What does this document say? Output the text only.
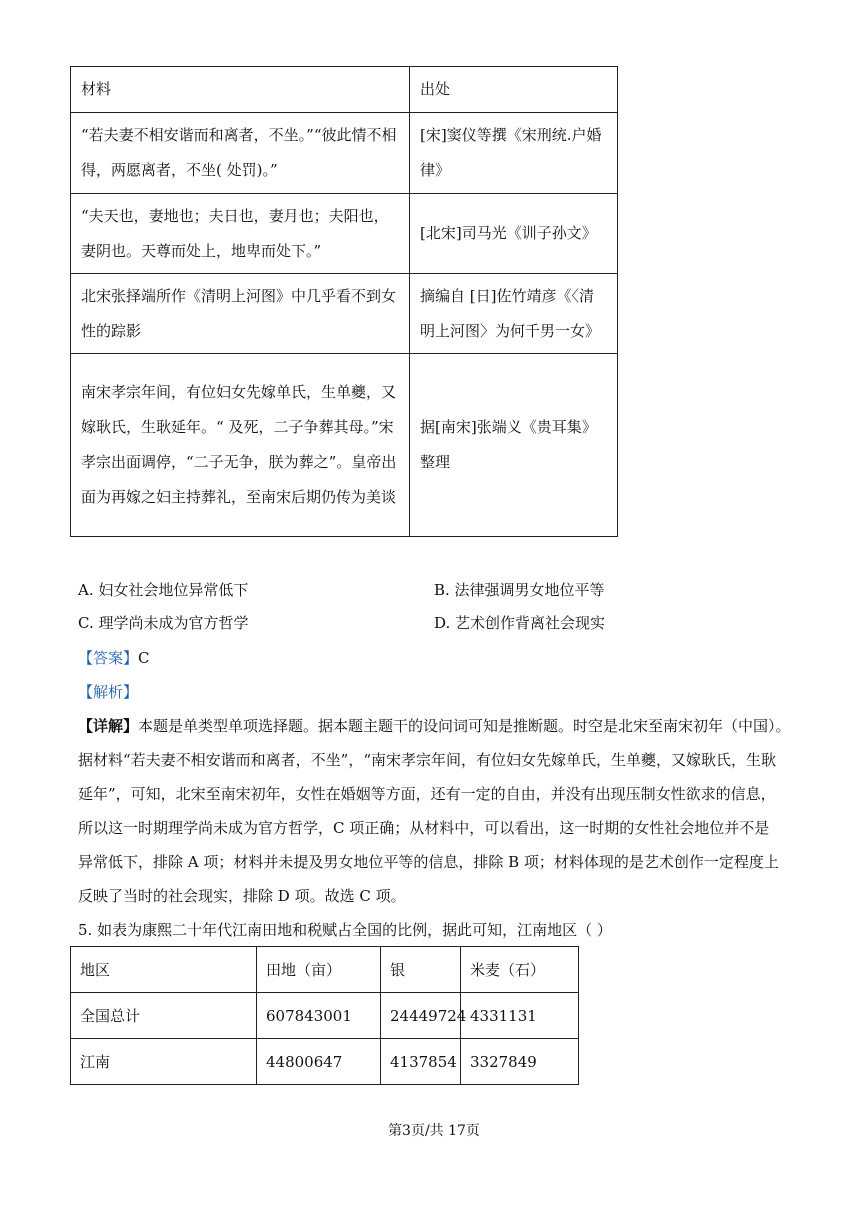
材料	出处
“若夫妻不相安谐而和离者，不坐。”“彼此情不相得，两愿离者，不坐( 处罚)。”	[宋]窦仪等撰《宋刑统.户婚律》
“夫天也，妻地也；夫日也，妻月也；夫阳也，妻阴也。天尊而处上，地卑而处下。”	[北宋]司马光《训子孙文》
北宋张择端所作《清明上河图》中几乎看不到女性的踪影	摘编自 [日]佐竹靖彦《〈清明上河图〉为何千男一女》
南宋孝宗年间，有位妇女先嫁单氏，生单夔，又嫁耿氏，生耿延年。“ 及死，二子争葬其母。”宋孝宗出面调停，“二子无争，朕为葬之”。皇帝出面为再嫁之妇主持葬礼，至南宋后期仍传为美谈	据[南宋]张端义《贵耳集》整理
A. 妇女社会地位异常低下	B. 法律强调男女地位平等
C. 理学尚未成为官方哲学	D. 艺术创作背离社会现实
【答案】C
【解析】
【详解】本题是单类型单项选择题。据本题主题干的设问词可知是推断题。时空是北宋至南宋初年（中国）。
据材料“若夫妻不相安谐而和离者，不坐”，“南宋孝宗年间，有位妇女先嫁单氏，生单夔，又嫁耿氏，生耿
延年”，可知，北宋至南宋初年，女性在婚姻等方面，还有一定的自由，并没有出现压制女性欲求的信息，
所以这一时期理学尚未成为官方哲学，C 项正确；从材料中，可以看出，这一时期的女性社会地位并不是
异常低下，排除 A 项；材料并未提及男女地位平等的信息，排除 B 项；材料体现的是艺术创作一定程度上
反映了当时的社会现实，排除 D 项。故选 C 项。
5. 如表为康熙二十年代江南田地和税赋占全国的比例，据此可知，江南地区（ ）
地区	田地（亩）	银	米麦（石）
全国总计	607843001	24449724	4331131
江南	44800647	4137854	3327849
第3页/共 17页
